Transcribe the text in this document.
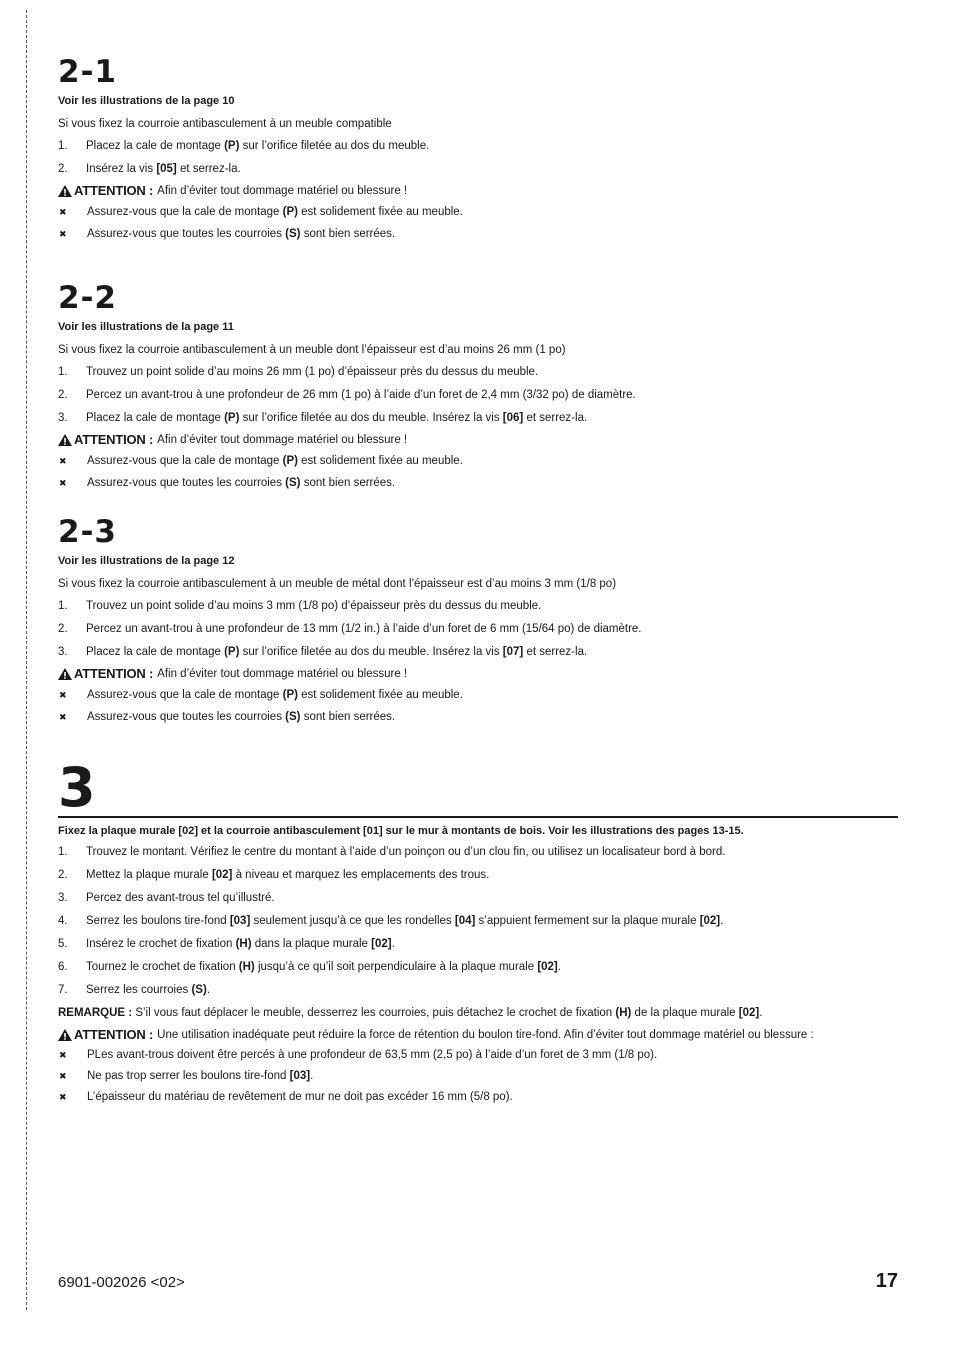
2-1

Voir les illustrations de la page 10

Si vous fixez la courroie antibasculement à un meuble compatible

1.	Placez la cale de montage (P) sur l’orifice filetée au dos du meuble.
2.	Insérez la vis [05] et serrez-la.
ATTENTION : Afin d’éviter tout dommage matériel ou blessure !
✖	Assurez-vous que la cale de montage (P) est solidement fixée au meuble.
✖	Assurez-vous que toutes les courroies (S) sont bien serrées.
2-2

Voir les illustrations de la page 11

Si vous fixez la courroie antibasculement à un meuble dont l’épaisseur est d’au moins 26 mm (1 po)

1.	Trouvez un point solide d’au moins 26 mm (1 po) d’épaisseur près du dessus du meuble.
2.	Percez un avant-trou à une profondeur de 26 mm (1 po) à l’aide d’un foret de 2,4 mm (3/32 po) de diamètre.
3.	Placez la cale de montage (P) sur l’orifice filetée au dos du meuble. Insérez la vis [06] et serrez-la.
ATTENTION : Afin d’éviter tout dommage matériel ou blessure !
✖	Assurez-vous que la cale de montage (P) est solidement fixée au meuble.
✖	Assurez-vous que toutes les courroies (S) sont bien serrées.
2-3

Voir les illustrations de la page 12

Si vous fixez la courroie antibasculement à un meuble de métal dont l’épaisseur est d’au moins 3 mm (1/8 po)

1.	Trouvez un point solide d’au moins 3 mm (1/8 po) d’épaisseur près du dessus du meuble.
2.	Percez un avant-trou à une profondeur de 13 mm (1/2 in.) à l’aide d’un foret de 6 mm (15/64 po) de diamètre.
3.	Placez la cale de montage (P) sur l’orifice filetée au dos du meuble. Insérez la vis [07] et serrez-la.
ATTENTION : Afin d’éviter tout dommage matériel ou blessure !
✖	Assurez-vous que la cale de montage (P) est solidement fixée au meuble.
✖	Assurez-vous que toutes les courroies (S) sont bien serrées.
3

Fixez la plaque murale [02] et la courroie antibasculement [01] sur le mur à montants de bois. Voir les illustrations des pages 13-15.

1.	Trouvez le montant. Vérifiez le centre du montant à l’aide d’un poinçon ou d’un clou fin, ou utilisez un localisateur bord à bord.
2.	Mettez la plaque murale [02] à niveau et marquez les emplacements des trous.
3.	Percez des avant-trous tel qu’illustré.
4.	Serrez les boulons tire-fond [03] seulement jusqu’à ce que les rondelles [04] s’appuient fermement sur la plaque murale [02].
5.	Insérez le crochet de fixation (H) dans la plaque murale [02].
6.	Tournez le crochet de fixation (H) jusqu’à ce qu’il soit perpendiculaire à la plaque murale [02].
7.	Serrez les courroies (S).

REMARQUE : S’il vous faut déplacer le meuble, desserrez les courroies, puis détachez le crochet de fixation (H) de la plaque murale [02].

ATTENTION : Une utilisation inadéquate peut réduire la force de rétention du boulon tire-fond. Afin d’éviter tout dommage matériel ou blessure :
✖	PLes avant-trous doivent être percés à une profondeur de 63,5 mm (2,5 po) à l’aide d’un foret de 3 mm (1/8 po).
✖	Ne pas trop serrer les boulons tire-fond [03].
✖	L’épaisseur du matériau de revêtement de mur ne doit pas excéder 16 mm (5/8 po).
6901-002026 <02>	17
